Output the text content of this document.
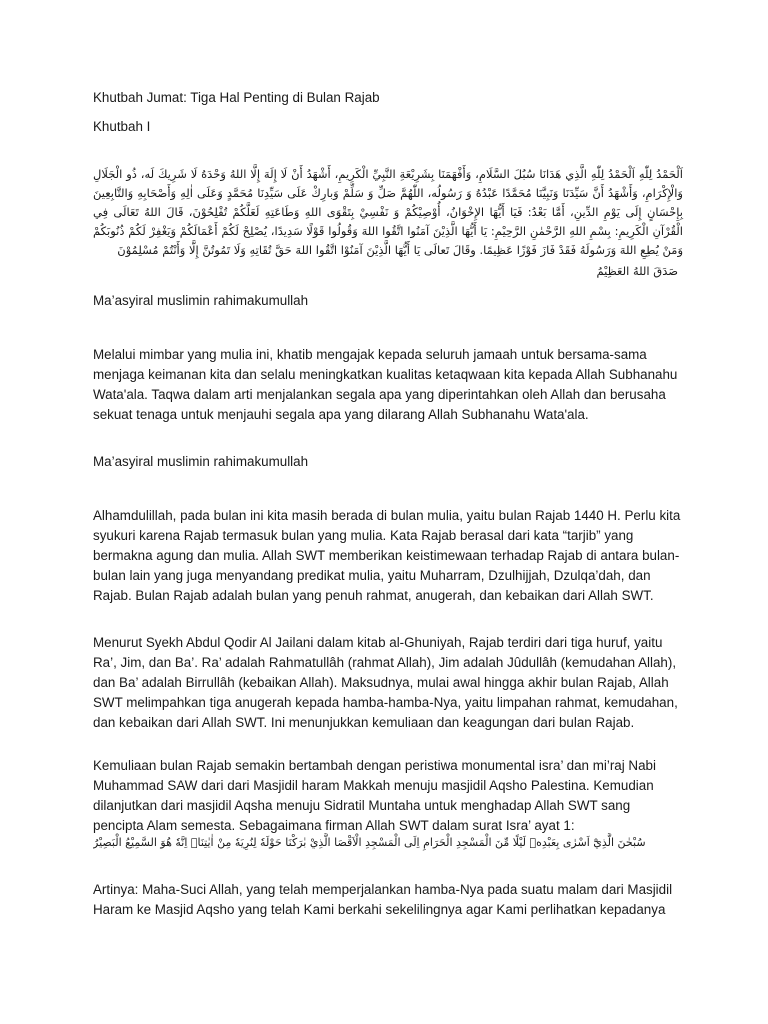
Khutbah Jumat: Tiga Hal Penting di Bulan Rajab

Khutbah I

اَلْحَمْدُ لِلّٰهِ اَلْحَمْدُ لِلّٰهِ الَّذِي هَدَانَا سُبُلَ السَّلَامِ، وَأَفْهَمَنَا بِشَرِيْعَةِ النَّبِيِّ الْكَرِيمِ، أَشْهَدُ أَنْ لَا إِلَهَ إِلَّا اللهُ وَحْدَهُ لَا شَرِيكَ لَه، ذُو الْجَلَالِ وَالْإِكْرَامِ، وَأَشْهَدُ أَنَّ سَيِّدَنَا وَنَبِيَّنَا مُحَمَّدًا عَبْدُهُ وَ رَسُولُه، اللّٰهُمَّ صَلِّ وَ سَلِّمْ وَبارِكْ عَلَى سَيِّدِنَا مُحَمَّدٍ وَعَلَى اٰلِهِ وَأَصْحَابِهِ وَالتَّابِعِينَ بِإِحْسَانٍ إِلَى يَوْمِ الدِّينِ، أَمَّا بَعْدُ: فَيَا أَيُّهَا الإِخْوَانُ، أُوْصِيْكُمْ وَ نَفْسِيْ بِتَقْوَى اللهِ وَطَاعَتِهِ لَعَلَّكُمْ تُفْلِحُوْنَ، قَالَ اللهُ تَعَالَى فِي الْقُرْآنِ الْكَرِيمِ: بِسْمِ اللهِ الرَّحْمٰنِ الرَّحِيْمِ: يَا أَيُّهَا الَّذِيْنَ آمَنُوا اتَّقُوا اللهَ وَقُولُوا قَوْلًا سَدِيدًا، يُصْلِحْ لَكُمْ أَعْمَالَكُمْ وَيَغْفِرْ لَكُمْ ذُنُوبَكُمْ وَمَنْ يُطِعِ اللهَ وَرَسُولَهُ فَقَدْ فَازَ فَوْزًا عَظِيمًا. وقَالَ تَعالَى يَا أَيُّهَا الَّذِيْنَ آمَنُوْا اتَّقُوا اللهَ حَقَّ تُقَاتِهِ وَلَا تَمُوتُنَّ إِلَّا وَأَنْتُمْ مُسْلِمُوْنَ

صَدَقَ اللهُ العَظِيْمُ

Ma’asyiral muslimin rahimakumullah

Melalui mimbar yang mulia ini, khatib mengajak kepada seluruh jamaah untuk bersama-sama menjaga keimanan kita dan selalu meningkatkan kualitas ketaqwaan kita kepada Allah Subhanahu Wata'ala. Taqwa dalam arti menjalankan segala apa yang diperintahkan oleh Allah dan berusaha sekuat tenaga untuk menjauhi segala apa yang dilarang Allah Subhanahu Wata'ala.

Ma’asyiral muslimin rahimakumullah

Alhamdulillah, pada bulan ini kita masih berada di bulan mulia, yaitu bulan Rajab 1440 H. Perlu kita syukuri karena Rajab termasuk bulan yang mulia. Kata Rajab berasal dari kata “tarjib” yang bermakna agung dan mulia. Allah SWT memberikan keistimewaan terhadap Rajab di antara bulan-bulan lain yang juga menyandang predikat mulia, yaitu Muharram, Dzulhijjah, Dzulqa’dah, dan Rajab. Bulan Rajab adalah bulan yang penuh rahmat, anugerah, dan kebaikan dari Allah SWT.

Menurut Syekh Abdul Qodir Al Jailani dalam kitab al-Ghuniyah, Rajab terdiri dari tiga huruf, yaitu Ra’, Jim, dan Ba’. Ra’ adalah Rahmatullâh (rahmat Allah), Jim adalah Jûdullâh (kemudahan Allah), dan Ba’ adalah Birrullâh (kebaikan Allah). Maksudnya, mulai awal hingga akhir bulan Rajab, Allah SWT melimpahkan tiga anugerah kepada hamba-hamba-Nya, yaitu limpahan rahmat, kemudahan, dan kebaikan dari Allah SWT. Ini menunjukkan kemuliaan dan keagungan dari bulan Rajab.

Kemuliaan bulan Rajab semakin bertambah dengan peristiwa monumental isra’ dan mi’raj Nabi Muhammad SAW dari dari Masjidil haram Makkah menuju masjidil Aqsho Palestina. Kemudian dilanjutkan dari masjidil Aqsha menuju Sidratil Muntaha untuk menghadap Allah SWT sang pencipta Alam semesta. Sebagaimana firman Allah SWT dalam surat Isra’ ayat 1:

سُبْحٰنَ الَّذِيْٓ اَسْرٰى بِعَبْدِهٖ لَيْلًا مِّنَ الْمَسْجِدِ الْحَرَامِ اِلَى الْمَسْجِدِ الْاَقْصَا الَّذِيْ بٰرَكْنَا حَوْلَهٗ لِنُرِيَهٗ مِنْ اٰيٰتِنَاۗ اِنَّهٗ هُوَ السَّمِيْعُ الْبَصِيْرُ

Artinya: Maha-Suci Allah, yang telah memperjalankan hamba-Nya pada suatu malam dari Masjidil Haram ke Masjid Aqsho yang telah Kami berkahi sekelilingnya agar Kami perlihatkan kepadanya
